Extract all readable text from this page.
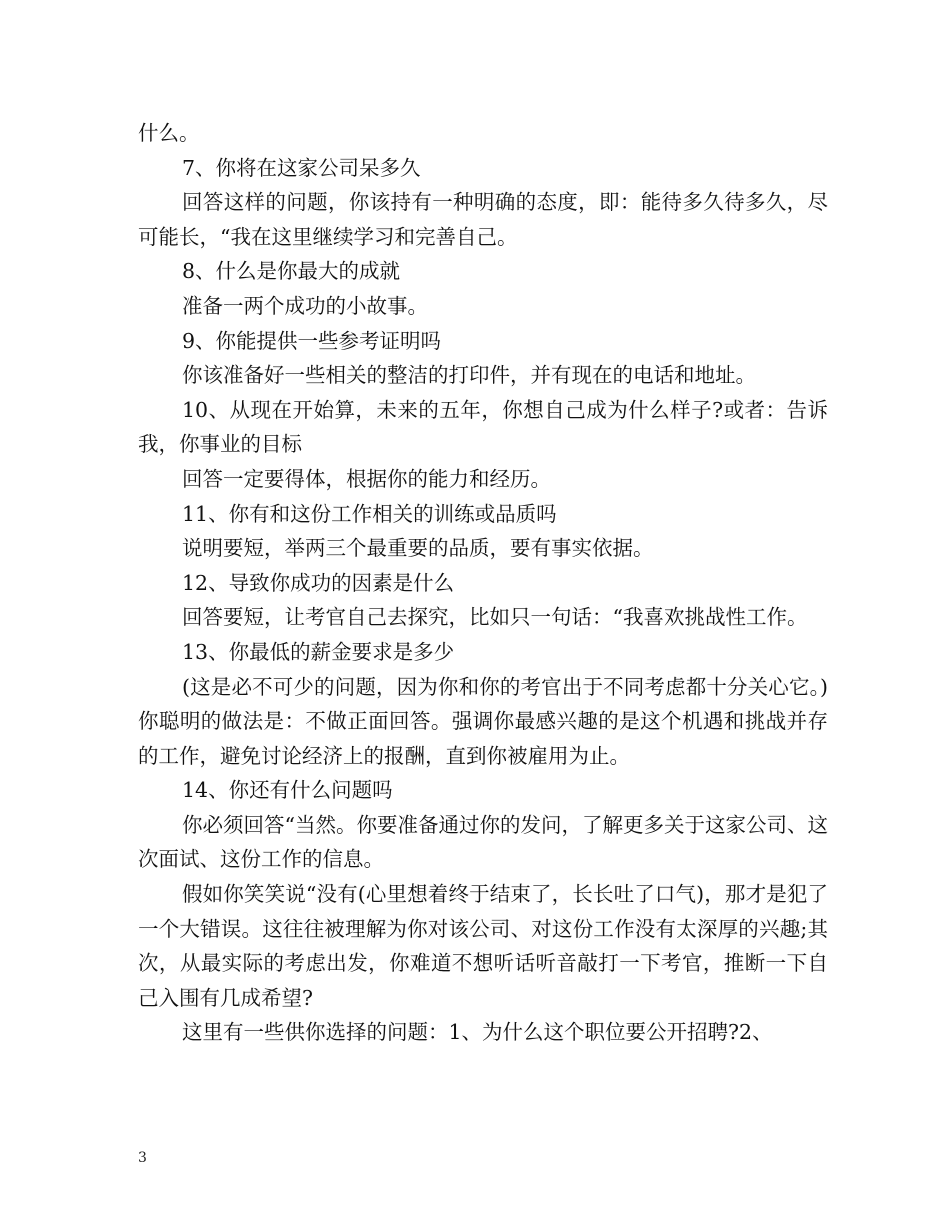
什么。

7、你将在这家公司呆多久

回答这样的问题，你该持有一种明确的态度，即：能待多久待多久，尽可能长，“我在这里继续学习和完善自己。

8、什么是你最大的成就

准备一两个成功的小故事。

9、你能提供一些参考证明吗

你该准备好一些相关的整洁的打印件，并有现在的电话和地址。

10、从现在开始算，未来的五年，你想自己成为什么样子?或者：告诉我，你事业的目标

回答一定要得体，根据你的能力和经历。

11、你有和这份工作相关的训练或品质吗

说明要短，举两三个最重要的品质，要有事实依据。

12、导致你成功的因素是什么

回答要短，让考官自己去探究，比如只一句话：“我喜欢挑战性工作。

13、你最低的薪金要求是多少

(这是必不可少的问题，因为你和你的考官出于不同考虑都十分关心它。)你聪明的做法是：不做正面回答。强调你最感兴趣的是这个机遇和挑战并存的工作，避免讨论经济上的报酬，直到你被雇用为止。

14、你还有什么问题吗

你必须回答“当然。你要准备通过你的发问，了解更多关于这家公司、这次面试、这份工作的信息。

假如你笑笑说“没有(心里想着终于结束了，长长吐了口气)，那才是犯了一个大错误。这往往被理解为你对该公司、对这份工作没有太深厚的兴趣;其次，从最实际的考虑出发，你难道不想听话听音敲打一下考官，推断一下自己入围有几成希望?

这里有一些供你选择的问题：1、为什么这个职位要公开招聘?2、

3
